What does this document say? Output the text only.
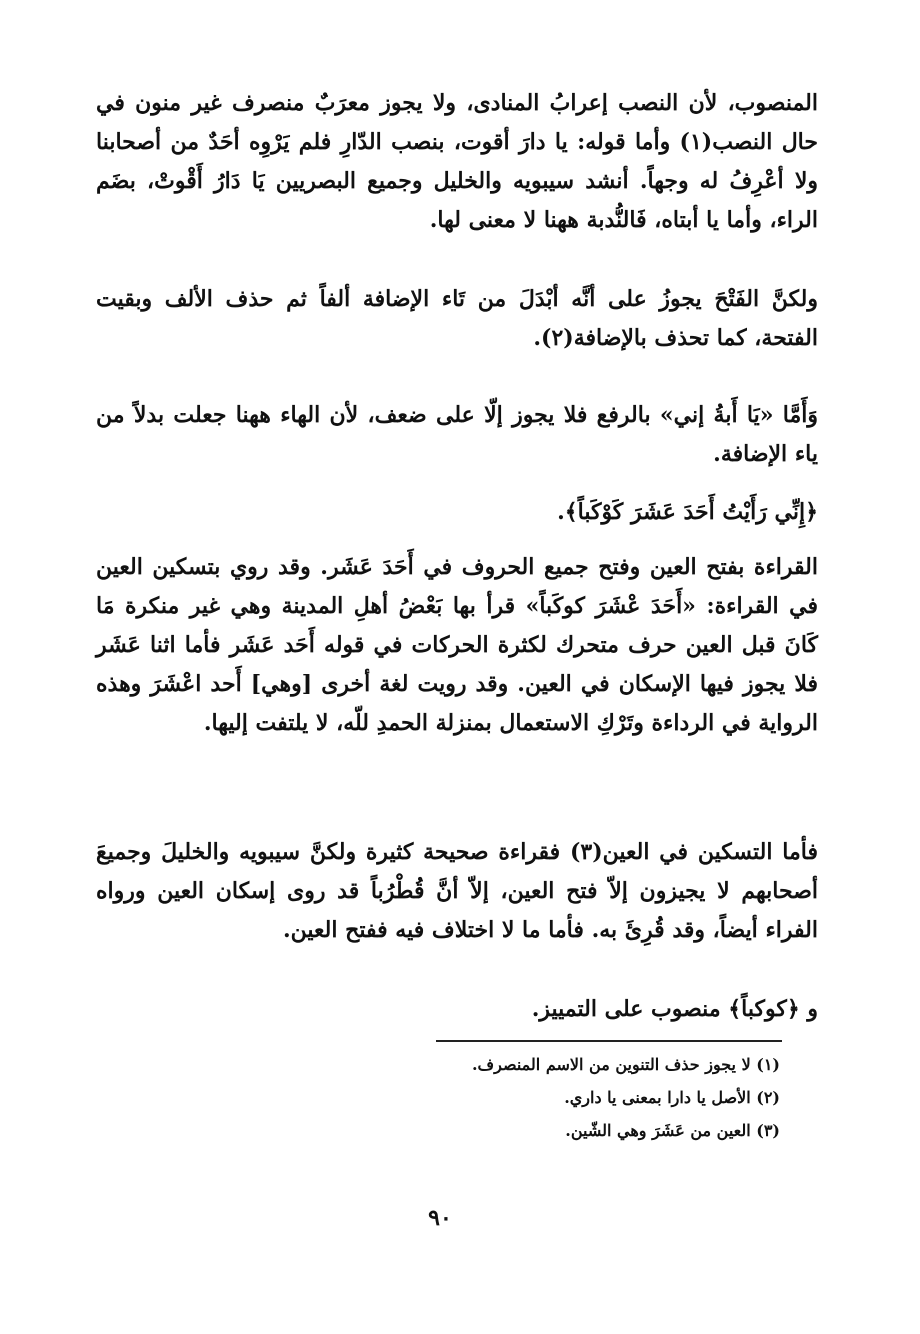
المنصوب، لأن النصب إعرابُ المنادى، ولا يجوز معرَبٌ منصرف غير منون في حال النصب(١) وأما قوله: يا دارَ أقوت، بنصب الدّارِ فلم يَرْوِه أحَدٌ من أصحابنا ولا أعْرِفُ له وجهاً. أنشد سيبويه والخليل وجميع البصريين يَا دَارُ أَقْوتْ، بضَم الراء، وأما يا أبتاه، فَالنُّدبة ههنا لا معنى لها.

ولكنَّ الفَتْحَ يجوزُ على أنَّه أبْدَلَ من تَاء الإضافة ألفاً ثم حذف الألف وبقيت الفتحة، كما تحذف بالإضافة(٢).

وَأَمَّا «يَا أَبةُ إني» بالرفع فلا يجوز إلّا على ضعف، لأن الهاء ههنا جعلت بدلاً من ياء الإضافة.

﴿إِنِّي رَأَيْتُ أَحَدَ عَشَرَ كَوْكَباً﴾.

القراءة بفتح العين وفتح جميع الحروف في أَحَدَ عَشَر. وقد روي بتسكين العين في القراءة: «أَحَدَ عْشَرَ كوكَباً» قرأ بها بَعْضُ أهلِ المدينة وهي غير منكرة مَا كَانَ قبل العين حرف متحرك لكثرة الحركات في قوله أَحَد عَشَر فأما اثنا عَشَر فلا يجوز فيها الإسكان في العين. وقد رويت لغة أخرى [وهي] أَحد اعْشَرَ وهذه الرواية في الرداءة وتَرْكِ الاستعمال بمنزلة الحمدِ للّه، لا يلتفت إليها.

فأما التسكين في العين(٣) فقراءة صحيحة كثيرة ولكنَّ سيبويه والخليلَ وجميعَ أصحابهم لا يجيزون إلاّ فتح العين، إلاّ أنَّ قُطْرُباً قد روى إسكان العين ورواه الفراء أيضاً، وقد قُرِئَ به. فأما ما لا اختلاف فيه ففتح العين.

و ﴿كوكباً﴾ منصوب على التمييز.

(١) لا يجوز حذف التنوين من الاسم المنصرف.

(٢) الأصل يا دارا بمعنى يا داري.

(٣) العين من عَشَرَ وهي الشّين.

٩٠
